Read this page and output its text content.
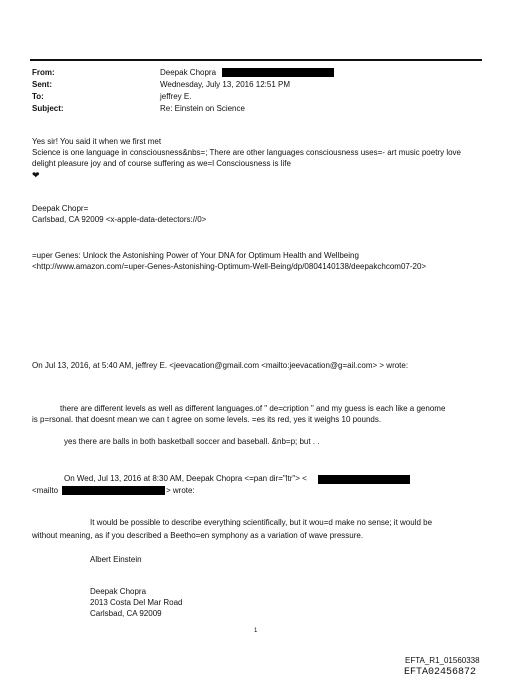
From:
Sent:
To:
Subject:
Deepak Chopra
Wednesday, July 13, 2016 12:51 PM
jeffrey E.
Re: Einstein on Science
Yes sir! You said it when we first met
Science is one language in consciousness&nbs=; There are other languages consciousness uses=- art music poetry love
delight pleasure joy and of course suffering as we=l Consciousness is life
❤
Deepak Chopr=
Carlsbad, CA 92009 <x-apple-data-detectors://0>
=uper Genes: Unlock the Astonishing Power of Your DNA for Optimum Health and Wellbeing
<http://www.amazon.com/=uper-Genes-Astonishing-Optimum-Well-Being/dp/0804140138/deepakchcom07-20>
On Jul 13, 2016, at 5:40 AM, jeffrey E. <jeevacation@gmail.com <mailto:jeevacation@g=ail.com> > wrote:
there are different levels as well as different languages.of " de=cription " and my guess is each like a genome
is p=rsonal. that doesnt mean we can t agree on some levels. =es its red, yes it weighs 10 pounds.
yes there are balls in both basketball soccer and baseball. &nb=p; but . .
On Wed, Jul 13, 2016 at 8:30 AM, Deepak Chopra <=pan dir="ltr"> <
<mailto	> wrote:
It would be possible to describe everything scientifically, but it wou=d make no sense; it would be
without meaning, as if you described a Beetho=en symphony as a variation of wave pressure.
Albert Einstein
Deepak Chopra
2013 Costa Del Mar Road
Carlsbad, CA 92009
1
EFTA_R1_01560338
EFTA02456872
